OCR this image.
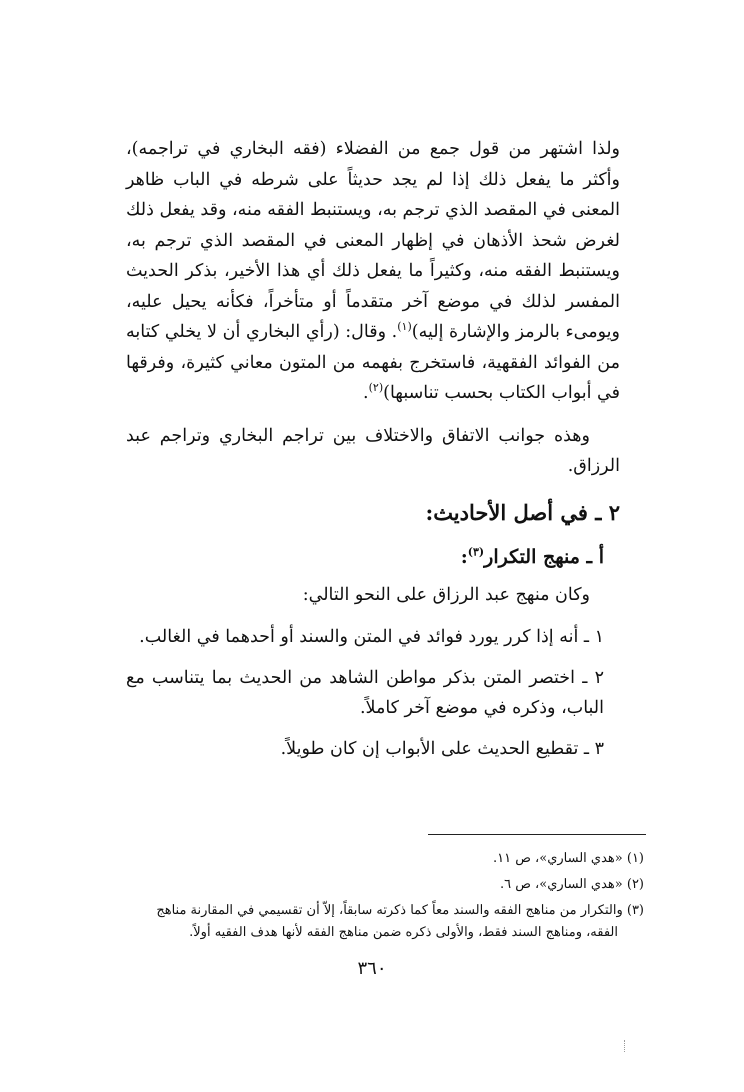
ولذا اشتهر من قول جمع من الفضلاء (فقه البخاري في تراجمه)، وأكثر ما يفعل ذلك إذا لم يجد حديثاً على شرطه في الباب ظاهر المعنى في المقصد الذي ترجم به، ويستنبط الفقه منه، وقد يفعل ذلك لغرض شحذ الأذهان في إظهار المعنى في المقصد الذي ترجم به، ويستنبط الفقه منه، وكثيراً ما يفعل ذلك أي هذا الأخير، بذكر الحديث المفسر لذلك في موضع آخر متقدماً أو متأخراً، فكأنه يحيل عليه، ويومىء بالرمز والإشارة إليه)$^{(١)}$. وقال: (رأي البخاري أن لا يخلي كتابه من الفوائد الفقهية، فاستخرج بفهمه من المتون معاني كثيرة، وفرقها في أبواب الكتاب بحسب تناسبها)$^{(٢)}$.

وهذه جوانب الاتفاق والاختلاف بين تراجم البخاري وتراجم عبد الرزاق.

٢ ـ في أصل الأحاديث:
أ ـ منهج التكرار$^{(٣)}$:

وكان منهج عبد الرزاق على النحو التالي:

١ ـ أنه إذا كرر يورد فوائد في المتن والسند أو أحدهما في الغالب.

٢ ـ اختصر المتن بذكر مواطن الشاهد من الحديث بما يتناسب مع الباب، وذكره في موضع آخر كاملاً.

٣ ـ تقطيع الحديث على الأبواب إن كان طويلاً.

(١) «هدي الساري»، ص ١١.

(٢) «هدي الساري»، ص ٦.

(٣) والتكرار من مناهج الفقه والسند معاً كما ذكرته سابقاً، إلاّ أن تقسيمي في المقارنة مناهج

الفقه، ومناهج السند فقط، والأولى ذكره ضمن مناهج الفقه لأنها هدف الفقيه أولاً.

٣٦٠
